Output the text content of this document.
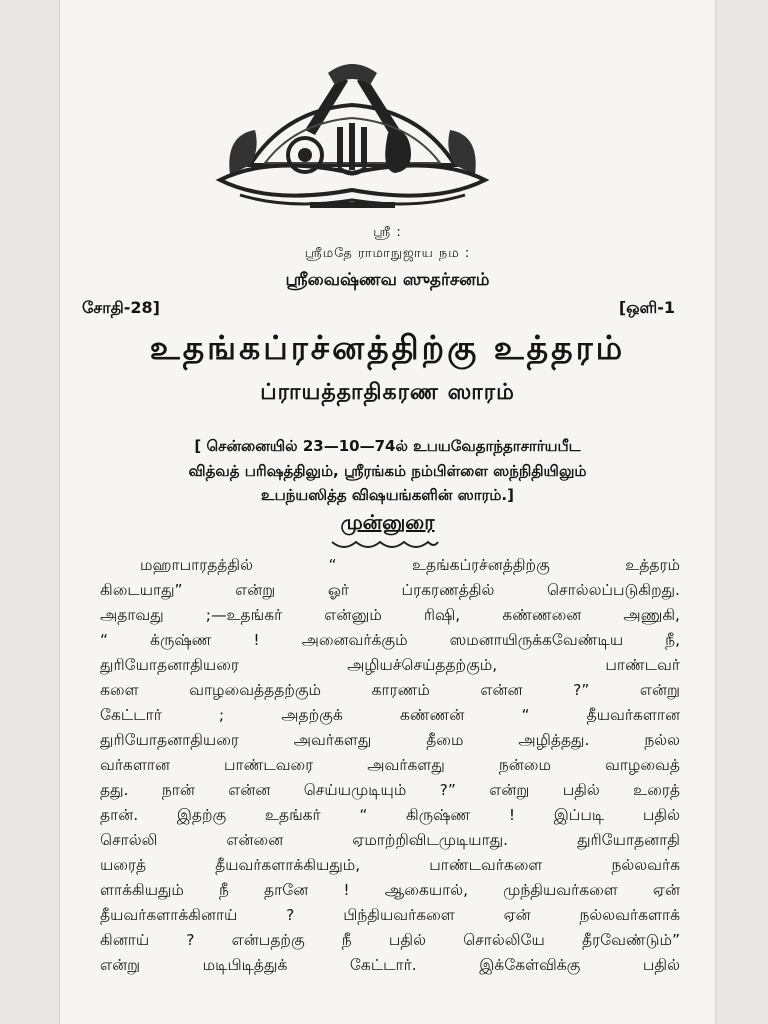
ஸ்ரீ :
ஸ்ரீமதே ராமாநுஜாய நம :
ஸ்ரீவைஷ்ணவ ஸுதர்சனம்
சோதி-28]	[ஒளி-1
உதங்கப்ரச்னத்திற்கு உத்தரம்
ப்ராயத்தாதிகரண ஸாரம்
[ சென்னையில் 23—10—74ல் உபயவேதாந்தாசார்யபீட
வித்வத் பரிஷத்திலும், ஸ்ரீரங்கம் நம்பிள்ளை ஸந்நிதியிலும்
உபந்யஸித்த விஷயங்களின் ஸாரம்.]
முன்னுரை
மஹாபாரதத்தில் “ உதங்கப்ரச்னத்திற்கு உத்தரம்
கிடையாது” என்று ஓர் ப்ரகரணத்தில் சொல்லப்படுகிறது.
அதாவது ;—உதங்கர் என்னும் ரிஷி, கண்ணனை அணுகி,
“ க்ருஷ்ண ! அனைவர்க்கும் ஸமனாயிருக்கவேண்டிய நீ,
துரியோதனாதியரை அழியச்செய்ததற்கும், பாண்டவர்
களை வாழவைத்ததற்கும் காரணம் என்ன ?” என்று
கேட்டார் ; அதற்குக் கண்ணன் “ தீயவர்களான
துரியோதனாதியரை அவர்களது தீமை அழித்தது. நல்ல
வர்களான பாண்டவரை அவர்களது நன்மை வாழவைத்
தது. நான் என்ன செய்யமுடியும் ?” என்று பதில் உரைத்
தான். இதற்கு உதங்கர் “ கிருஷ்ண ! இப்படி பதில்
சொல்லி என்னை ஏமாற்றிவிடமுடியாது. துரியோதனாதி
யரைத் தீயவர்களாக்கியதும், பாண்டவர்களை நல்லவர்க
ளாக்கியதும் நீ தானே ! ஆகையால், முந்தியவர்களை ஏன்
தீயவர்களாக்கினாய் ? பிந்தியவர்களை ஏன் நல்லவர்களாக்
கினாய் ? என்பதற்கு நீ பதில் சொல்லியே தீரவேண்டும்”
என்று மடிபிடித்துக் கேட்டார். இக்கேள்விக்கு பதில்
